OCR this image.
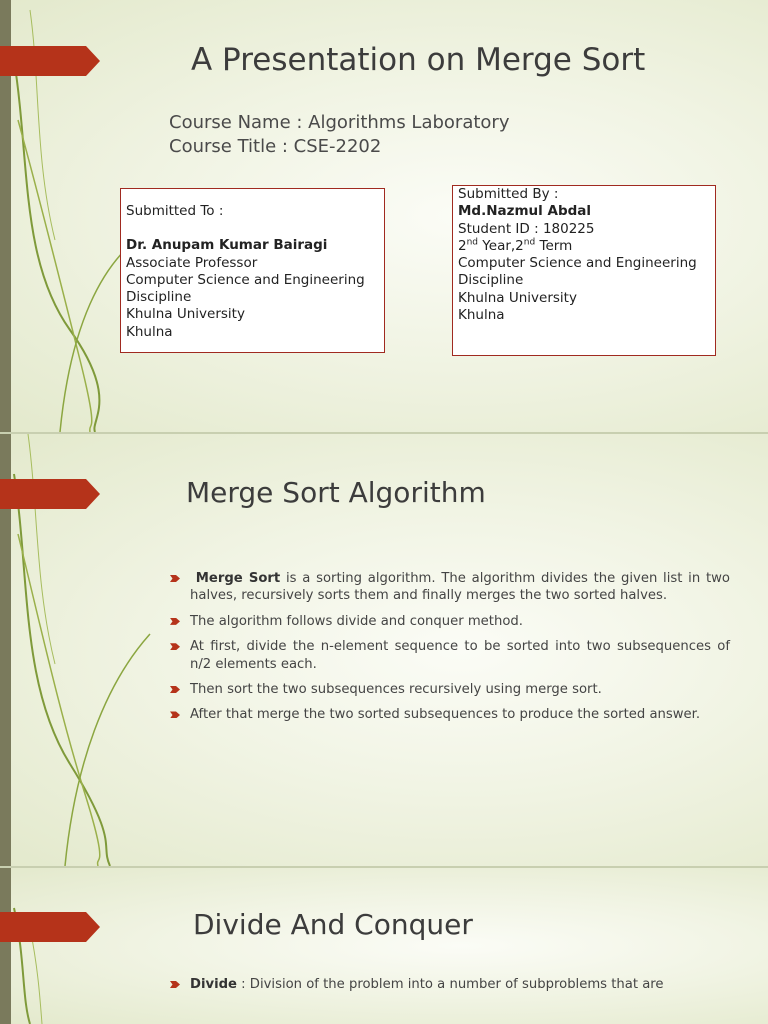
A Presentation on Merge Sort
Course Name : Algorithms Laboratory
Course Title : CSE-2202
Submitted To :
Dr. Anupam Kumar Bairagi
Associate Professor
Computer Science and Engineering
Discipline
Khulna University
Khulna
Submitted By :
Md.Nazmul Abdal
Student ID : 180225
2nd Year,2nd Term
Computer Science and Engineering
Discipline
Khulna University
Khulna
Merge Sort Algorithm
Merge Sort is a sorting algorithm. The algorithm divides the given list in two halves, recursively sorts them and finally merges the two sorted halves.
The algorithm follows divide and conquer method.
At first, divide the n-element sequence to be sorted into two subsequences of n/2 elements each.
Then sort the two subsequences recursively using merge sort.
After that merge the two sorted subsequences to produce the sorted answer.
Divide And Conquer
Divide : Division of the problem into a number of subproblems that are
